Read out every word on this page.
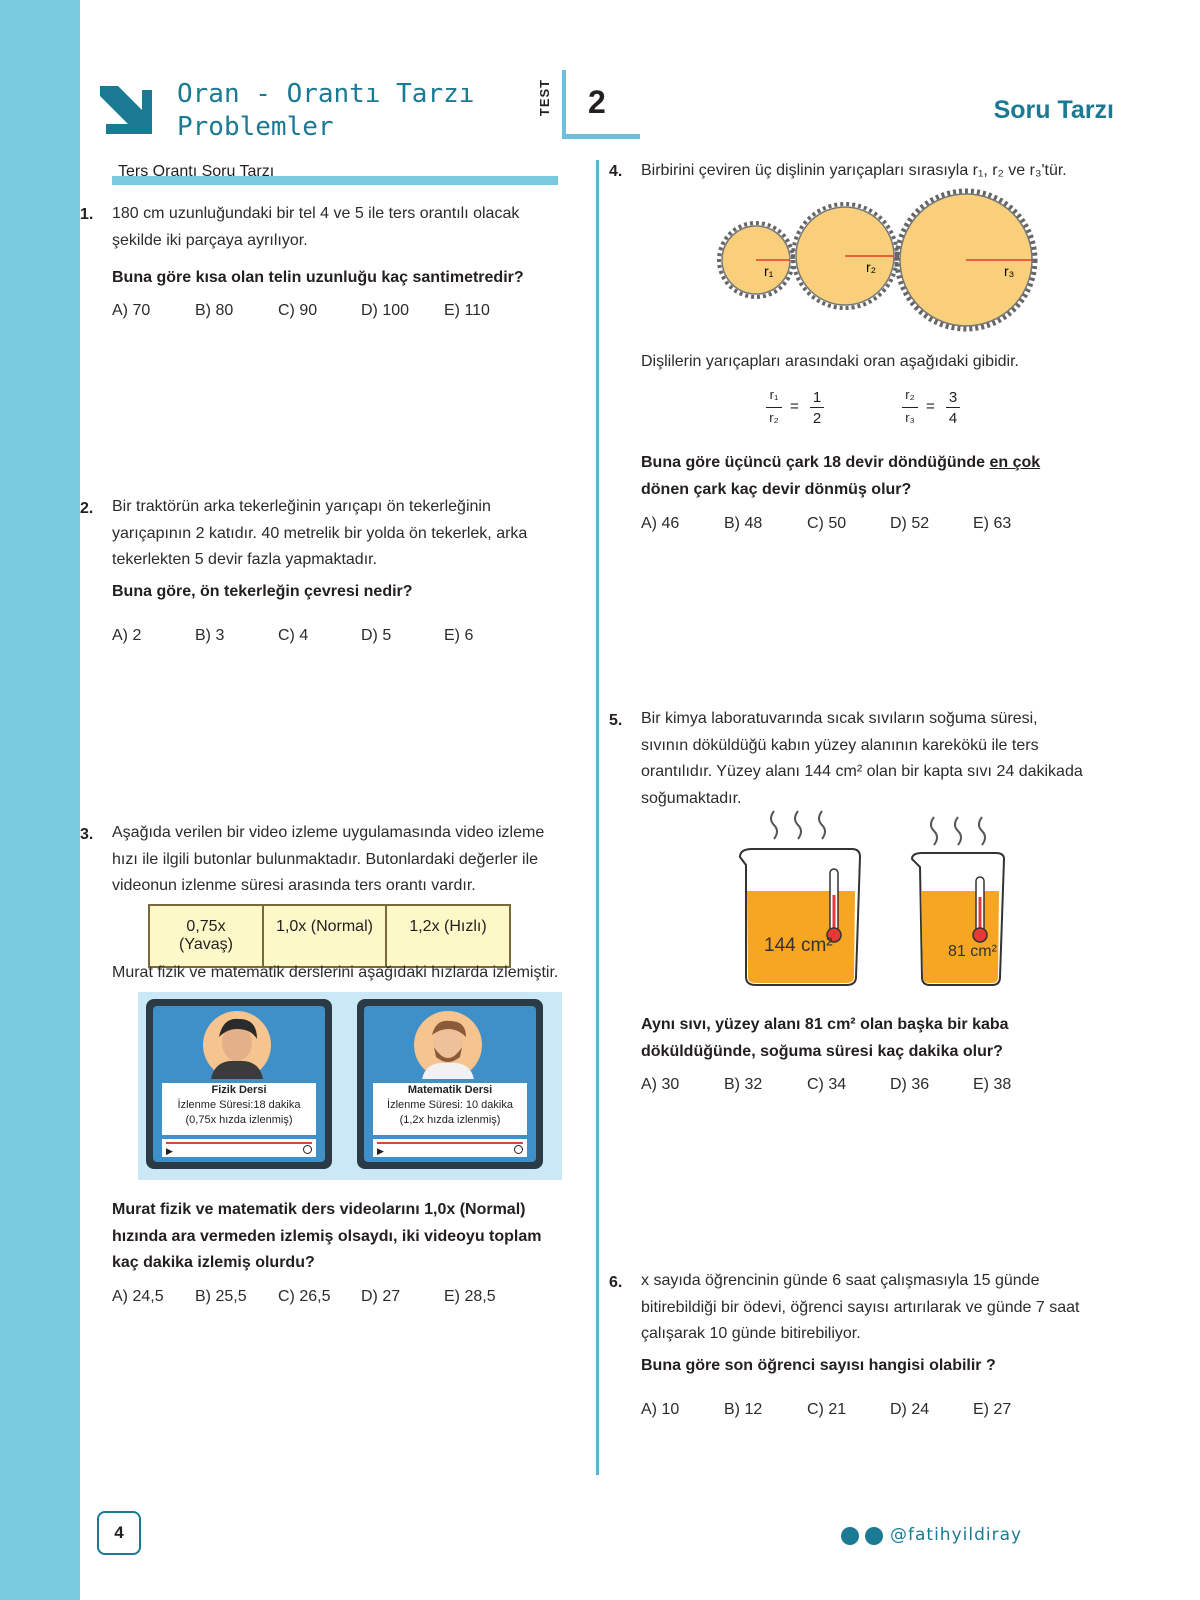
Oran - Orantı Tarzı
Problemler
TEST 2	Soru Tarzı
Ters Orantı Soru Tarzı
1. 180 cm uzunluğundaki bir tel 4 ve 5 ile ters orantılı olacak
şekilde iki parçaya ayrılıyor.
Buna göre kısa olan telin uzunluğu kaç santimetredir?
A) 70	B) 80	C) 90	D) 100	E) 110
2. Bir traktörün arka tekerleğinin yarıçapı ön tekerleğinin
yarıçapının 2 katıdır. 40 metrelik bir yolda ön tekerlek, arka
tekerlekten 5 devir fazla yapmaktadır.
Buna göre, ön tekerleğin çevresi nedir?
A) 2	B) 3	C) 4	D) 5	E) 6
3. Aşağıda verilen bir video izleme uygulamasında video izleme
hızı ile ilgili butonlar bulunmaktadır. Butonlardaki değerler ile
videonun izlenme süresi arasında ters orantı vardır.
0,75x (Yavaş)
1,0x (Normal)	1,2x (Hızlı)
Murat fizik ve matematik derslerini aşağıdaki hızlarda izlemiştir.
Fizik Dersi
İzlenme Süresi:18 dakika
(0,75x hızda izlenmiş)
▶
Matematik Dersi
İzlenme Süresi: 10 dakika
(1,2x hızda izlenmiş)
▶
Murat fizik ve matematik ders videolarını 1,0x (Normal)
hızında ara vermeden izlemiş olsaydı, iki videoyu toplam
kaç dakika izlemiş olurdu?
A) 24,5	B) 25,5	C) 26,5	D) 27	E) 28,5
4. Birbirini çeviren üç dişlinin yarıçapları sırasıyla r₁, r₂ ve r₃'tür.
r₁	r₂	r₃
Dişlilerin yarıçapları arasındaki oran aşağıdaki gibidir.
r₁
r₂
=
1
2
r₂
r₃
=
3
4
Buna göre üçüncü çark 18 devir döndüğünde en çok
dönen çark kaç devir dönmüş olur?
A) 46	B) 48	C) 50	D) 52	E) 63
5. Bir kimya laboratuvarında sıcak sıvıların soğuma süresi,
sıvının döküldüğü kabın yüzey alanının karekökü ile ters
orantılıdır. Yüzey alanı 144 cm² olan bir kapta sıvı 24 dakikada
soğumaktadır.
144 cm²	81 cm²
Aynı sıvı, yüzey alanı 81 cm² olan başka bir kaba
döküldüğünde, soğuma süresi kaç dakika olur?
A) 30	B) 32	C) 34	D) 36	E) 38
6. x sayıda öğrencinin günde 6 saat çalışmasıyla 15 günde
bitirebildiği bir ödevi, öğrenci sayısı artırılarak ve günde 7 saat
çalışarak 10 günde bitirebiliyor.
Buna göre son öğrenci sayısı hangisi olabilir ?
A) 10	B) 12	C) 21	D) 24	E) 27
4	@fatihyildiray
